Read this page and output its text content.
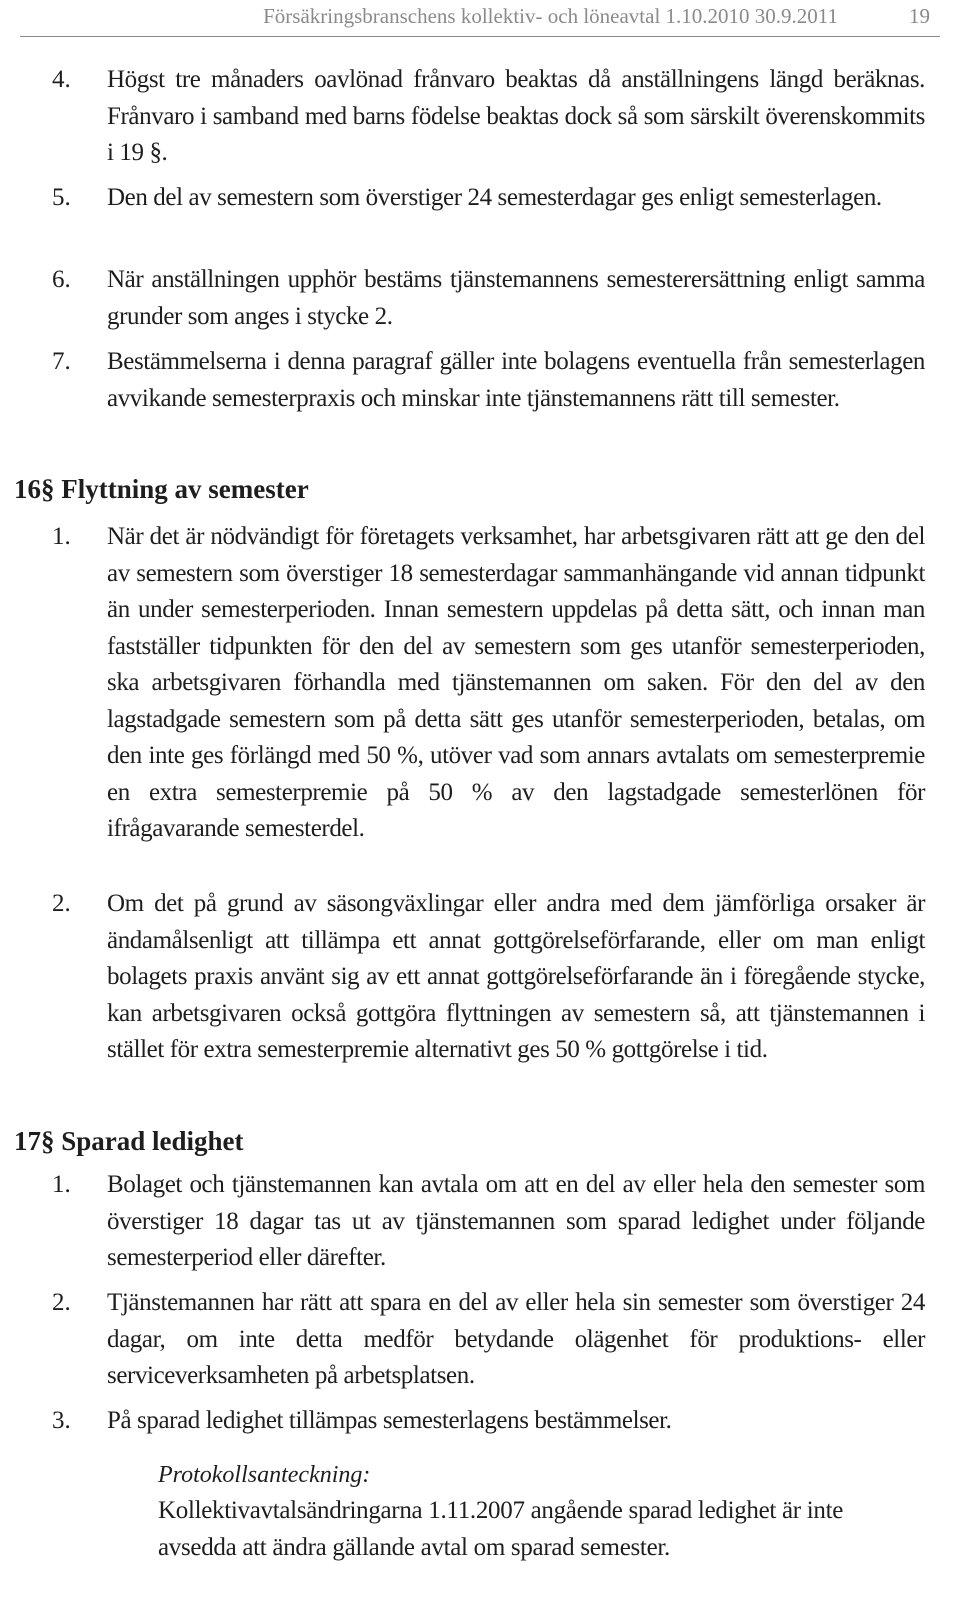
Försäkringsbranschens kollektiv- och löneavtal 1.10.2010 30.9.2011	19
4.	Högst tre månaders oavlönad frånvaro beaktas då anställningens längd beräknas. Frånvaro i samband med barns födelse beaktas dock så som särskilt överenskommits i 19 §.
5.	Den del av semestern som överstiger 24 semesterdagar ges enligt semesterlagen.
6.	När anställningen upphör bestäms tjänstemannens semesterersättning enligt samma grunder som anges i stycke 2.
7.	Bestämmelserna i denna paragraf gäller inte bolagens eventuella från semesterlagen avvikande semesterpraxis och minskar inte tjänstemannens rätt till semester.
16§ Flyttning av semester
1.	När det är nödvändigt för företagets verksamhet, har arbetsgivaren rätt att ge den del av semestern som överstiger 18 semesterdagar sammanhängande vid annan tidpunkt än under semesterperioden. Innan semestern uppdelas på detta sätt, och innan man fastställer tidpunkten för den del av semestern som ges utanför semesterperioden, ska arbetsgivaren förhandla med tjänstemannen om saken. För den del av den lagstadgade semestern som på detta sätt ges utanför semesterperioden, betalas, om den inte ges förlängd med 50 %, utöver vad som annars avtalats om semesterpremie en extra semesterpremie på 50 % av den lagstadgade semesterlönen för ifrågavarande semesterdel.
2.	Om det på grund av säsongväxlingar eller andra med dem jämförliga orsaker är ändamålsenligt att tillämpa ett annat gottgörelseförfarande, eller om man enligt bolagets praxis använt sig av ett annat gottgörelseförfarande än i föregående stycke, kan arbetsgivaren också gottgöra flyttningen av semestern så, att tjänstemannen i stället för extra semesterpremie alternativt ges 50 % gottgörelse i tid.
17§ Sparad ledighet
1.	Bolaget och tjänstemannen kan avtala om att en del av eller hela den semester som överstiger 18 dagar tas ut av tjänstemannen som sparad ledighet under följande semesterperiod eller därefter.
2.	Tjänstemannen har rätt att spara en del av eller hela sin semester som överstiger 24 dagar, om inte detta medför betydande olägenhet för produktions- eller serviceverksamheten på arbetsplatsen.
3.	På sparad ledighet tillämpas semesterlagens bestämmelser.
Protokollsanteckning:
Kollektivavtalsändringarna 1.11.2007 angående sparad ledighet är inte avsedda att ändra gällande avtal om sparad semester.
